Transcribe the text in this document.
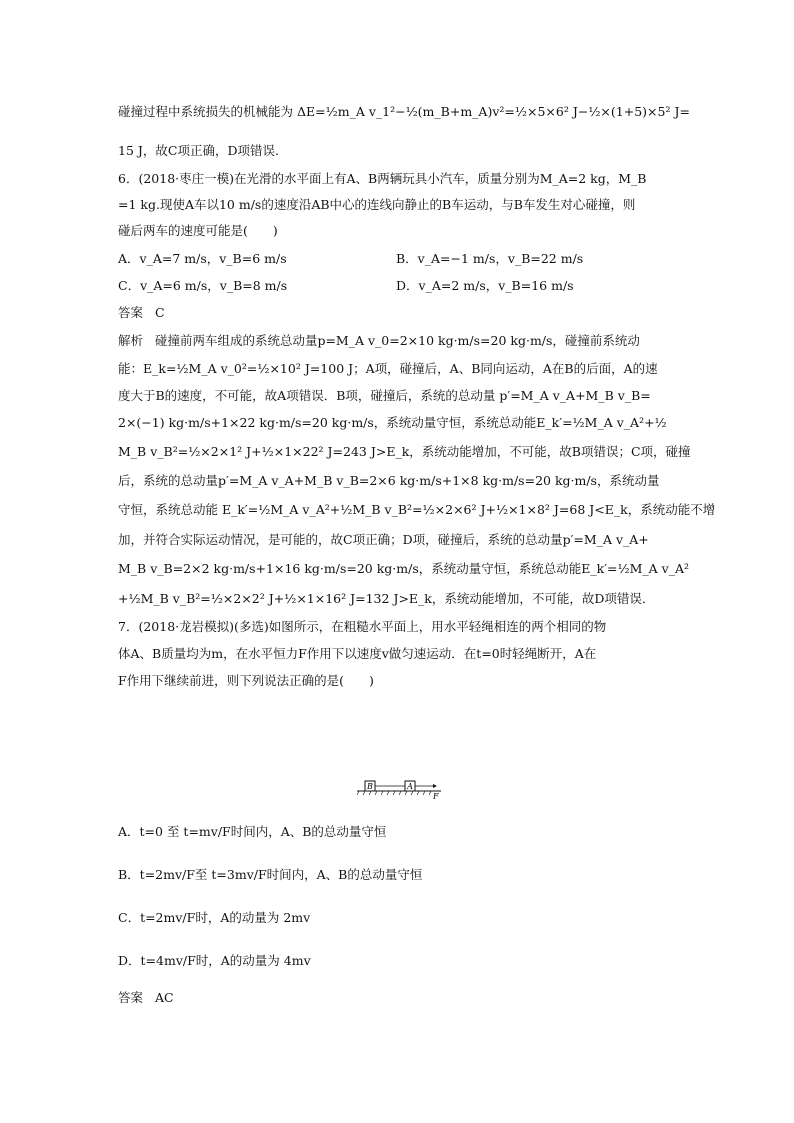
碰撞过程中系统损失的机械能为 ΔE=½m_A v_1²−½(m_B+m_A)v²=½×5×6² J−½×(1+5)×5² J=
15 J，故C项正确，D项错误.
6．(2018·枣庄一模)在光滑的水平面上有A、B两辆玩具小汽车，质量分别为M_A=2 kg，M_B
=1 kg.现使A车以10 m/s的速度沿AB中心的连线向静止的B车运动，与B车发生对心碰撞，则
碰后两车的速度可能是(　　)
A．v_A=7 m/s，v_B=6 m/s	B．v_A=−1 m/s，v_B=22 m/s
C．v_A=6 m/s，v_B=8 m/s	D．v_A=2 m/s，v_B=16 m/s
答案 C
解析 碰撞前两车组成的系统总动量p=M_A v_0=2×10 kg·m/s=20 kg·m/s，碰撞前系统动
能：E_k=½M_A v_0²=½×10² J=100 J；A项，碰撞后，A、B同向运动，A在B的后面，A的速
度大于B的速度，不可能，故A项错误．B项，碰撞后，系统的总动量 p′=M_A v_A+M_B v_B=
2×(−1) kg·m/s+1×22 kg·m/s=20 kg·m/s，系统动量守恒，系统总动能E_k′=½M_A v_A²+½
M_B v_B²=½×2×1² J+½×1×22² J=243 J>E_k，系统动能增加，不可能，故B项错误；C项，碰撞
后，系统的总动量p′=M_A v_A+M_B v_B=2×6 kg·m/s+1×8 kg·m/s=20 kg·m/s，系统动量
守恒，系统总动能 E_k′=½M_A v_A²+½M_B v_B²=½×2×6² J+½×1×8² J=68 J<E_k，系统动能不增
加，并符合实际运动情况，是可能的，故C项正确；D项，碰撞后，系统的总动量p′=M_A v_A+
M_B v_B=2×2 kg·m/s+1×16 kg·m/s=20 kg·m/s，系统动量守恒，系统总动能E_k′=½M_A v_A²
+½M_B v_B²=½×2×2² J+½×1×16² J=132 J>E_k，系统动能增加，不可能，故D项错误．
7．(2018·龙岩模拟)(多选)如图所示，在粗糙水平面上，用水平轻绳相连的两个相同的物
体A、B质量均为m，在水平恒力F作用下以速度v做匀速运动．在t=0时轻绳断开，A在
F作用下继续前进，则下列说法正确的是(　　)
B	A
F
A．t=0 至 t=mv/F时间内，A、B的总动量守恒
B．t=2mv/F至 t=3mv/F时间内，A、B的总动量守恒
C．t=2mv/F时，A的动量为 2mv
D．t=4mv/F时，A的动量为 4mv
答案 AC
